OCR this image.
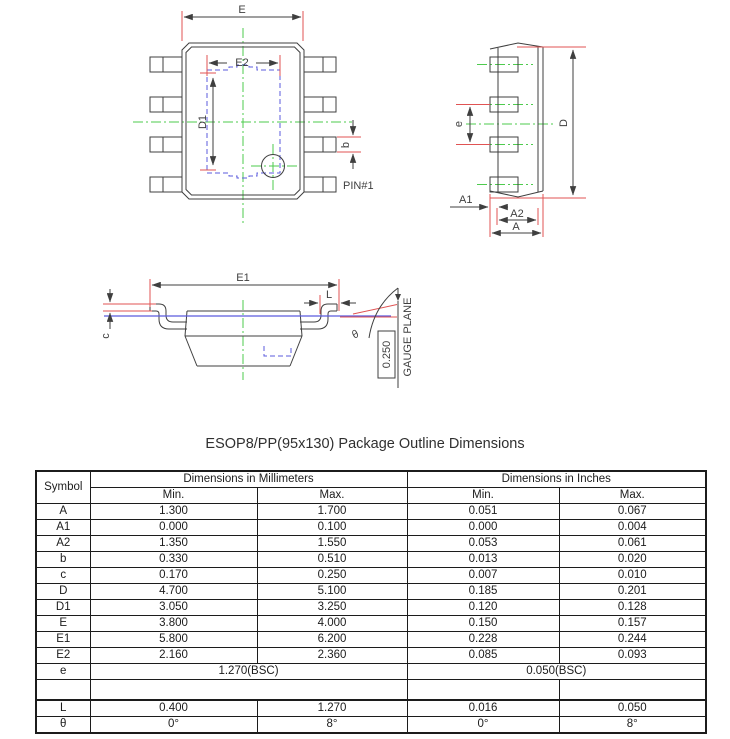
E
E2
D1
b
PIN#1
e	D
A1
A2
A
E1
L
c	θ
0.250 GAUGE PLANE
ESOP8/PP(95x130) Package Outline Dimensions
Symbol	Dimensions in Millimeters		Dimensions in Inches	
	Min.	Max.	Min.	Max.
A	1.300	1.700	0.051	0.067
A1	0.000	0.100	0.000	0.004
A2	1.350	1.550	0.053	0.061
b	0.330	0.510	0.013	0.020
c	0.170	0.250	0.007	0.010
D	4.700	5.100	0.185	0.201
D1	3.050	3.250	0.120	0.128
E	3.800	4.000	0.150	0.157
E1	5.800	6.200	0.228	0.244
E2	2.160	2.360	0.085	0.093
e	1.270(BSC)		0.050(BSC)	

L	0.400	1.270	0.016	0.050
θ	0°	8°	0°	8°
